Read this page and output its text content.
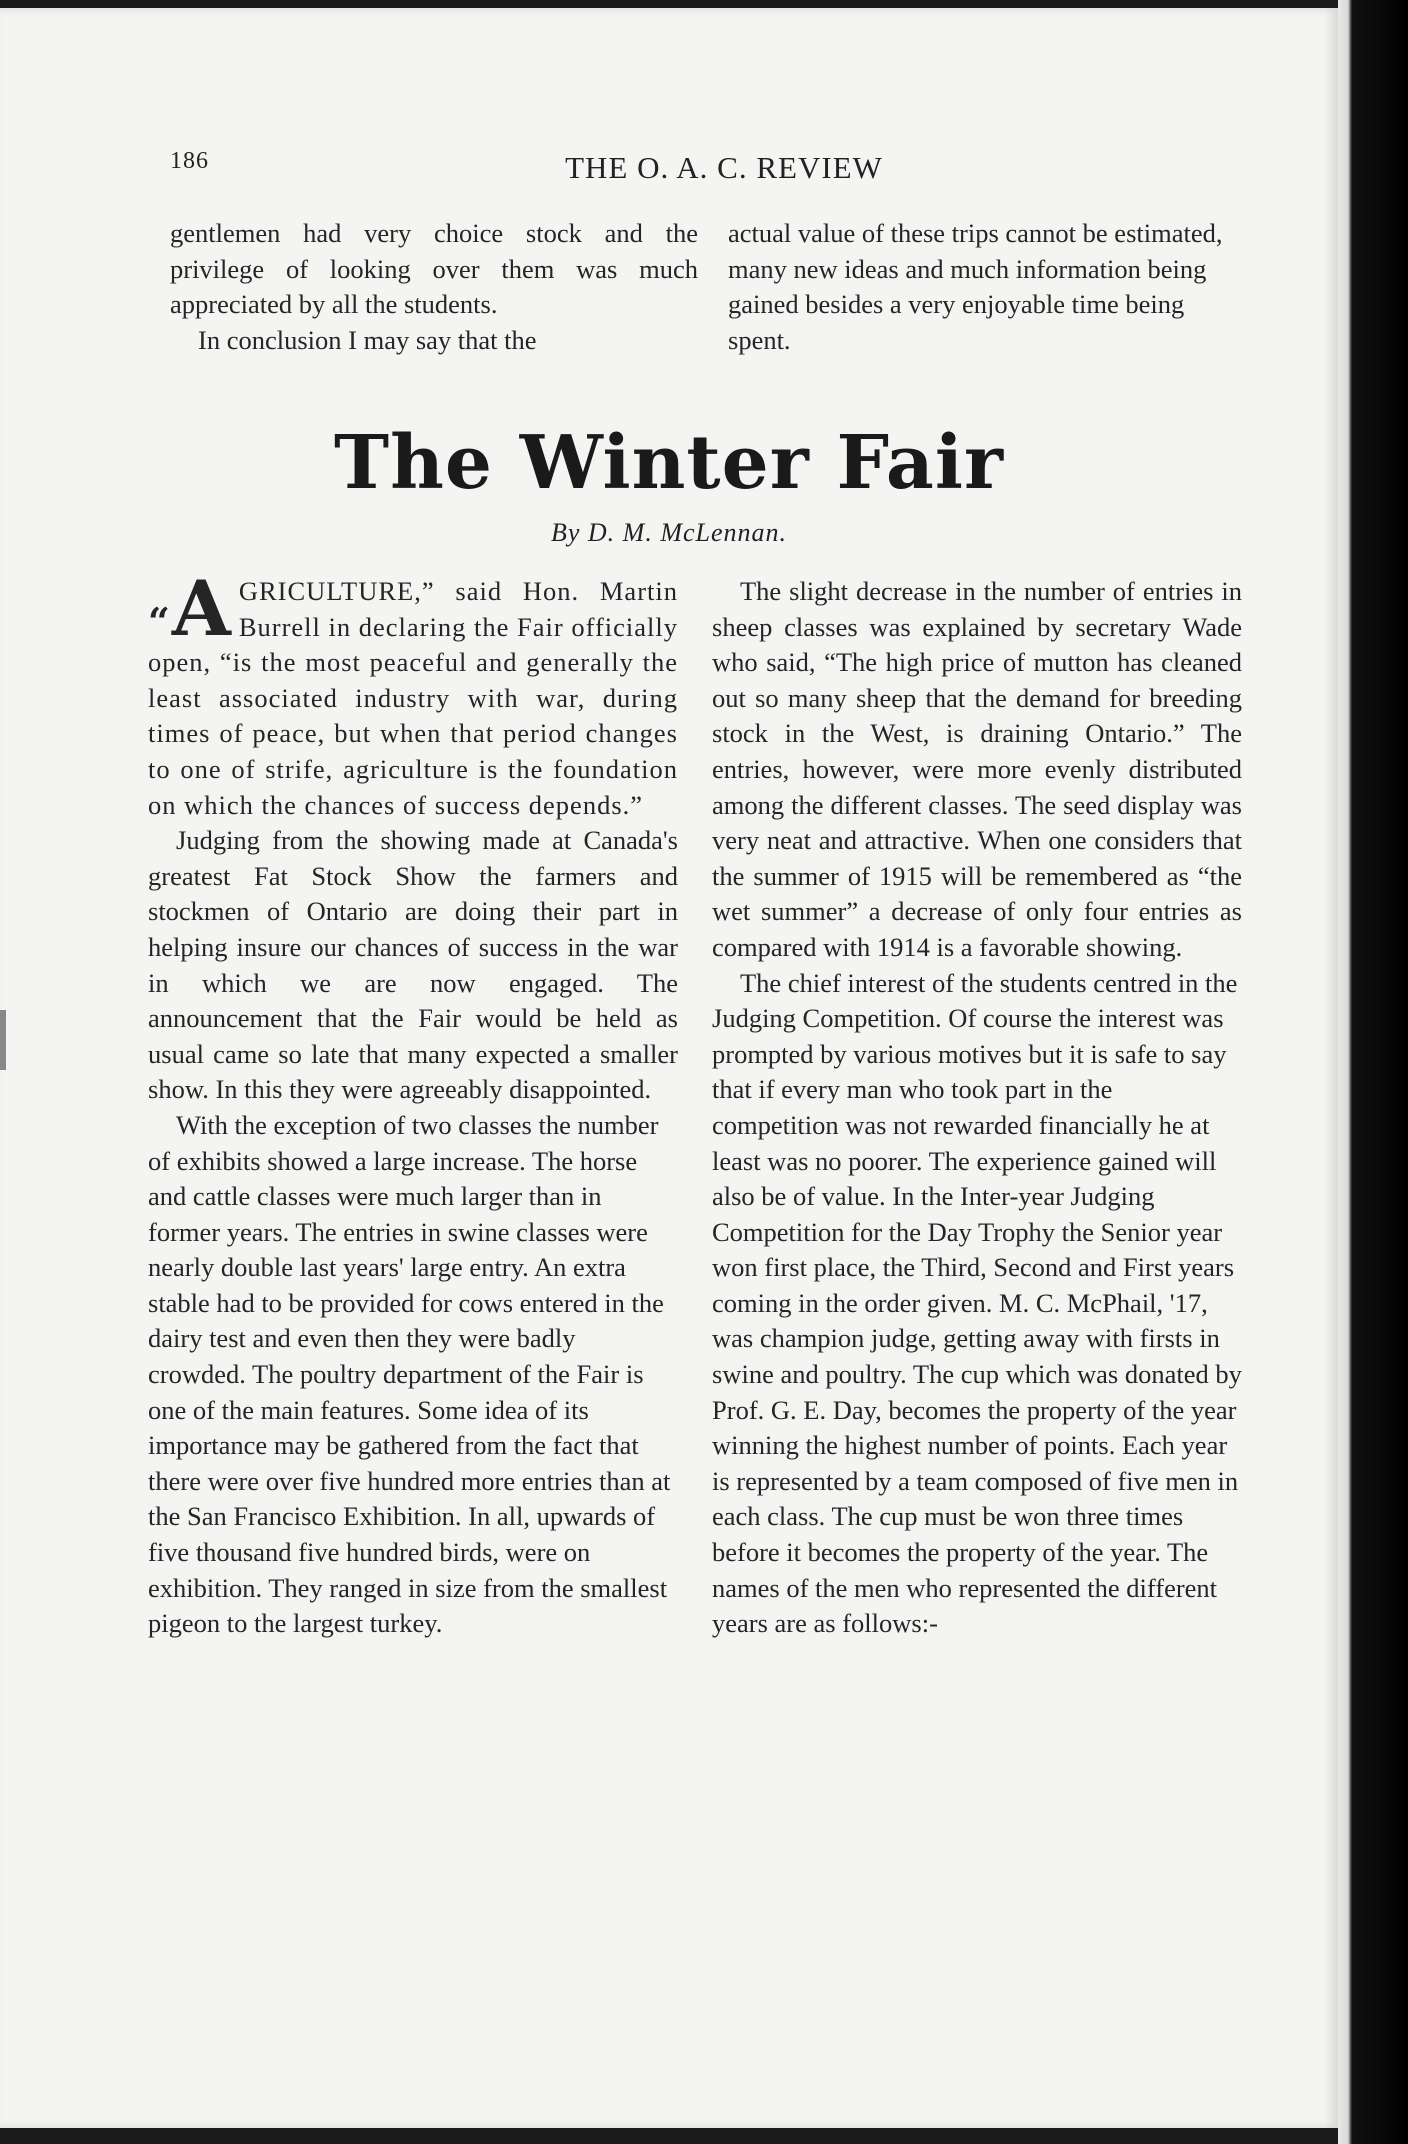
186	THE O. A. C. REVIEW

gentlemen had very choice stock and the privilege of looking over them was much appreciated by all the students.

In conclusion I may say that the

actual value of these trips cannot be estimated, many new ideas and much information being gained besides a very enjoyable time being spent.

The Winter Fair
By D. M. McLennan.

“A GRICULTURE,” said Hon. Martin Burrell in declaring the Fair officially open, “is the most peaceful and generally the least associated industry with war, during times of peace, but when that period changes to one of strife, agriculture is the foundation on which the chances of success depends.”

Judging from the showing made at Canada's greatest Fat Stock Show the farmers and stockmen of Ontario are doing their part in helping insure our chances of success in the war in which we are now engaged. The announcement that the Fair would be held as usual came so late that many expected a smaller show. In this they were agreeably disappointed.

With the exception of two classes the number of exhibits showed a large increase. The horse and cattle classes were much larger than in former years. The entries in swine classes were nearly double last years' large entry. An extra stable had to be provided for cows entered in the dairy test and even then they were badly crowded. The poultry department of the Fair is one of the main features. Some idea of its importance may be gathered from the fact that there were over five hundred more entries than at the San Francisco Exhibition. In all, upwards of five thousand five hundred birds, were on exhibition. They ranged in size from the smallest pigeon to the largest turkey.

The slight decrease in the number of entries in sheep classes was explained by secretary Wade who said, “The high price of mutton has cleaned out so many sheep that the demand for breeding stock in the West, is draining Ontario.” The entries, however, were more evenly distributed among the different classes. The seed display was very neat and attractive. When one considers that the summer of 1915 will be remembered as “the wet summer” a decrease of only four entries as compared with 1914 is a favorable showing.

The chief interest of the students centred in the Judging Competition. Of course the interest was prompted by various motives but it is safe to say that if every man who took part in the competition was not rewarded financially he at least was no poorer. The experience gained will also be of value. In the Inter-year Judging Competition for the Day Trophy the Senior year won first place, the Third, Second and First years coming in the order given. M. C. McPhail, '17, was champion judge, getting away with firsts in swine and poultry. The cup which was donated by Prof. G. E. Day, becomes the property of the year winning the highest number of points. Each year is represented by a team composed of five men in each class. The cup must be won three times before it becomes the property of the year. The names of the men who represented the different years are as follows:-
